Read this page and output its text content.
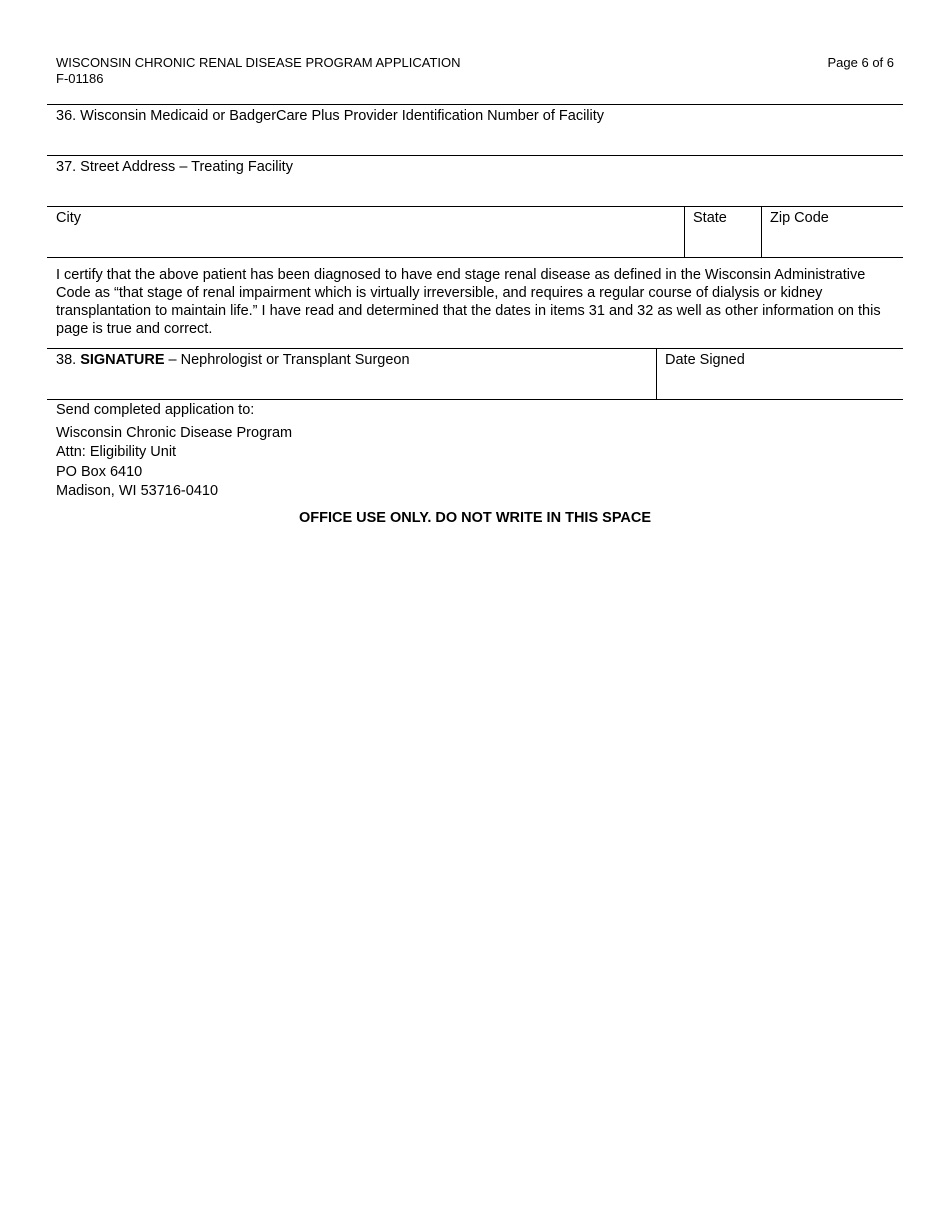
WISCONSIN CHRONIC RENAL DISEASE PROGRAM APPLICATION
F-01186
Page 6 of 6
36. Wisconsin Medicaid or BadgerCare Plus Provider Identification Number of Facility
37. Street Address – Treating Facility
City	State	Zip Code
I certify that the above patient has been diagnosed to have end stage renal disease as defined in the Wisconsin Administrative Code as “that stage of renal impairment which is virtually irreversible, and requires a regular course of dialysis or kidney transplantation to maintain life.” I have read and determined that the dates in items 31 and 32 as well as other information on this page is true and correct.
38. SIGNATURE – Nephrologist or Transplant Surgeon	Date Signed
Send completed application to:
Wisconsin Chronic Disease Program
Attn: Eligibility Unit
PO Box 6410
Madison, WI 53716-0410
OFFICE USE ONLY. DO NOT WRITE IN THIS SPACE
